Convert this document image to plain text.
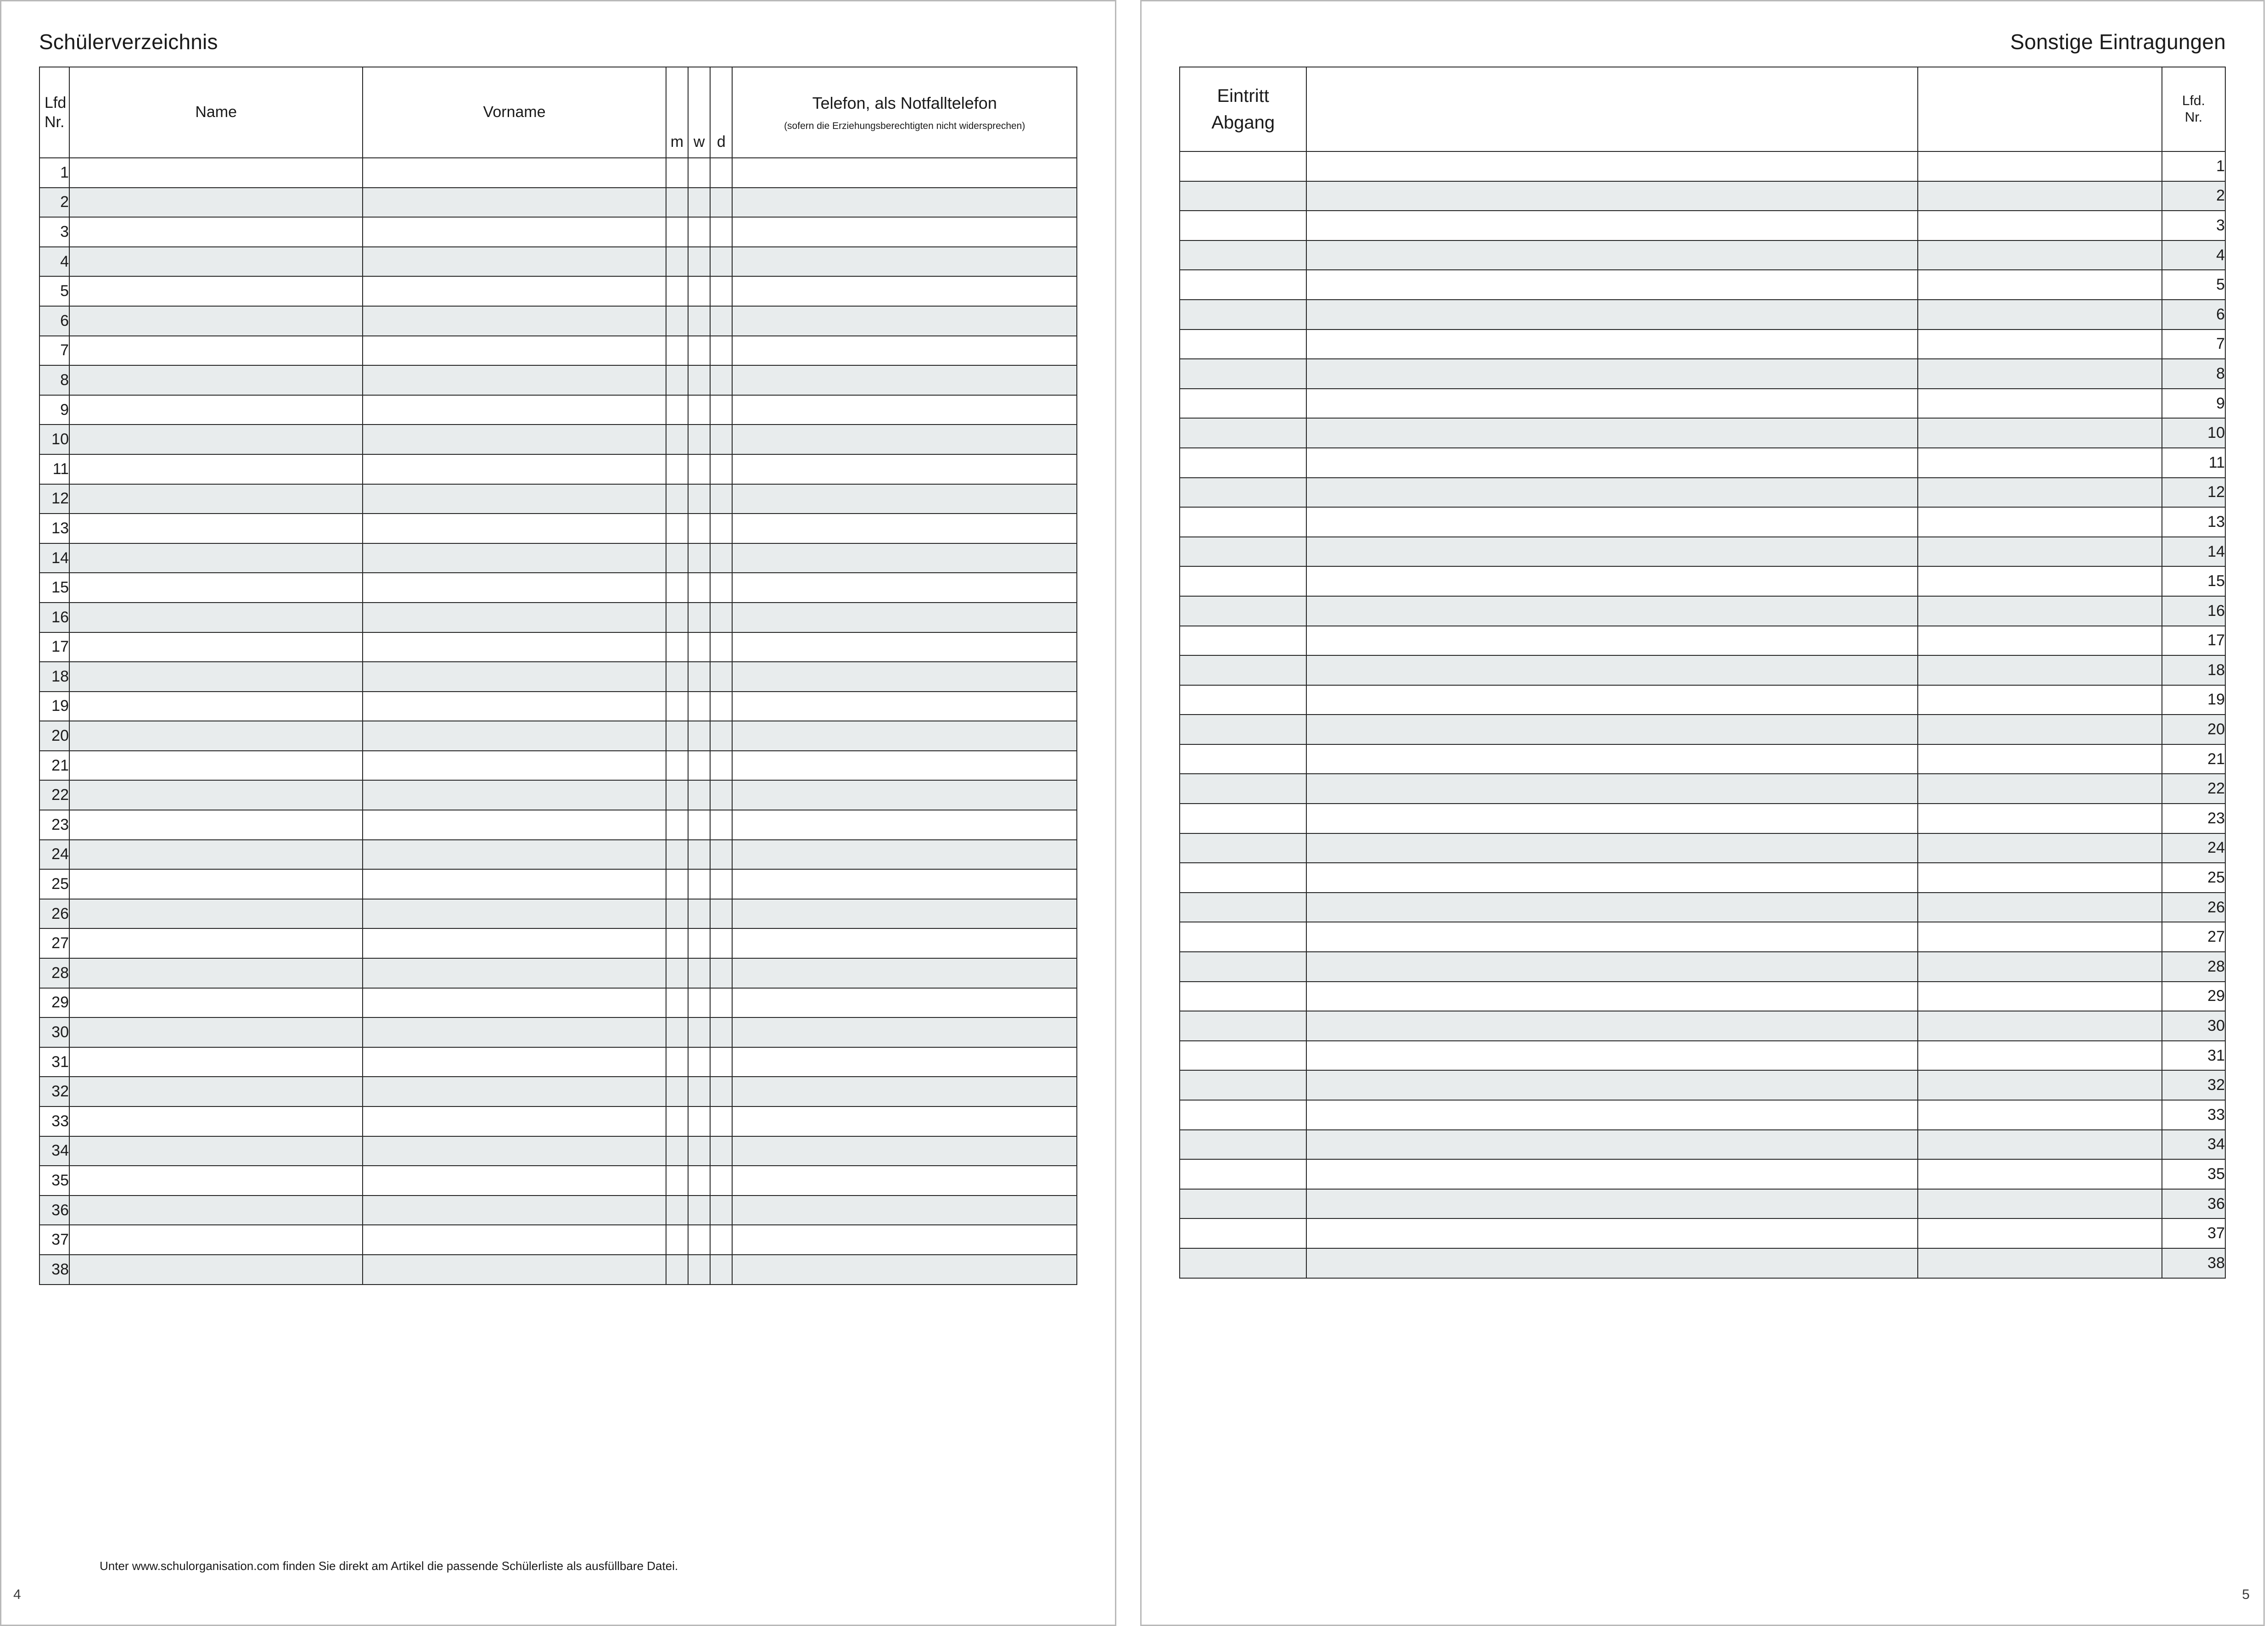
Schülerverzeichnis
Lfd
Nr.	Name	Vorname	m	w	d	Telefon, als Notfalltelefon
(sofern die Erziehungsberechtigten nicht widersprechen)

1						
2						
3						
4						
5						
6						
7						
8						
9						
10						
11						
12						
13						
14						
15						
16						
17						
18						
19						
20						
21						
22						
23						
24						
25						
26						
27						
28						
29						
30						
31						
32						
33						
34						
35						
36						
37						
38						
Unter www.schulorganisation.com finden Sie direkt am Artikel die passende Schülerliste als ausfüllbare Datei.
4
Sonstige Eintragungen
Eintritt
Abgang			Lfd.
Nr.
			1
			2
			3
			4
			5
			6
			7
			8
			9
			10
			11
			12
			13
			14
			15
			16
			17
			18
			19
			20
			21
			22
			23
			24
			25
			26
			27
			28
			29
			30
			31
			32
			33
			34
			35
			36
			37
			38
5
